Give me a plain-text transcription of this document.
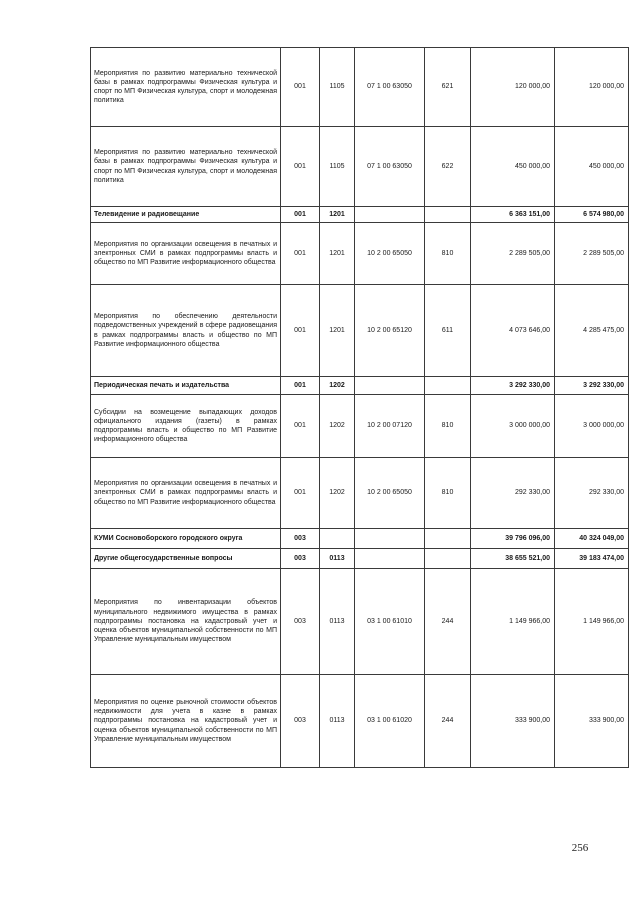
Мероприятия по развитию материально технической базы в рамках подпрограммы Физическая культура и спорт по МП Физическая культура, спорт и молодежная политика	001	1105	07 1 00 63050	621	120 000,00	120 000,00
Мероприятия по развитию материально технической базы в рамках подпрограммы Физическая культура и спорт по МП Физическая культура, спорт и молодежная политика	001	1105	07 1 00 63050	622	450 000,00	450 000,00
Телевидение и радиовещание	001	1201			6 363 151,00	6 574 980,00
Мероприятия по организации освещения в печатных и электронных СМИ в рамках подпрограммы власть и общество по МП Развитие информационного общества	001	1201	10 2 00 65050	810	2 289 505,00	2 289 505,00
Мероприятия по обеспечению деятельности подведомственных учреждений в сфере радиовещания в рамках подпрограммы власть и общество по МП Развитие информационного общества	001	1201	10 2 00 65120	611	4 073 646,00	4 285 475,00
Периодическая печать и издательства	001	1202			3 292 330,00	3 292 330,00
Субсидии на возмещение выпадающих доходов официального издания (газеты) в рамках подпрограммы власть и общество по МП Развитие информационного общества	001	1202	10 2 00 07120	810	3 000 000,00	3 000 000,00
Мероприятия по организации освещения в печатных и электронных СМИ в рамках подпрограммы власть и общество по МП Развитие информационного общества	001	1202	10 2 00 65050	810	292 330,00	292 330,00
КУМИ Сосновоборского городского округа	003				39 796 096,00	40 324 049,00
Другие общегосударственные вопросы	003	0113			38 655 521,00	39 183 474,00
Мероприятия по инвентаризации объектов муниципального недвижимого имущества в рамках подпрограммы постановка на кадастровый учет и оценка объектов муниципальной собственности по МП Управление муниципальным имуществом	003	0113	03 1 00 61010	244	1 149 966,00	1 149 966,00
Мероприятия по оценке рыночной стоимости объектов недвижимости для учета в казне в рамках подпрограммы постановка на кадастровый учет и оценка объектов муниципальной собственности по МП Управление муниципальным имуществом	003	0113	03 1 00 61020	244	333 900,00	333 900,00
256
